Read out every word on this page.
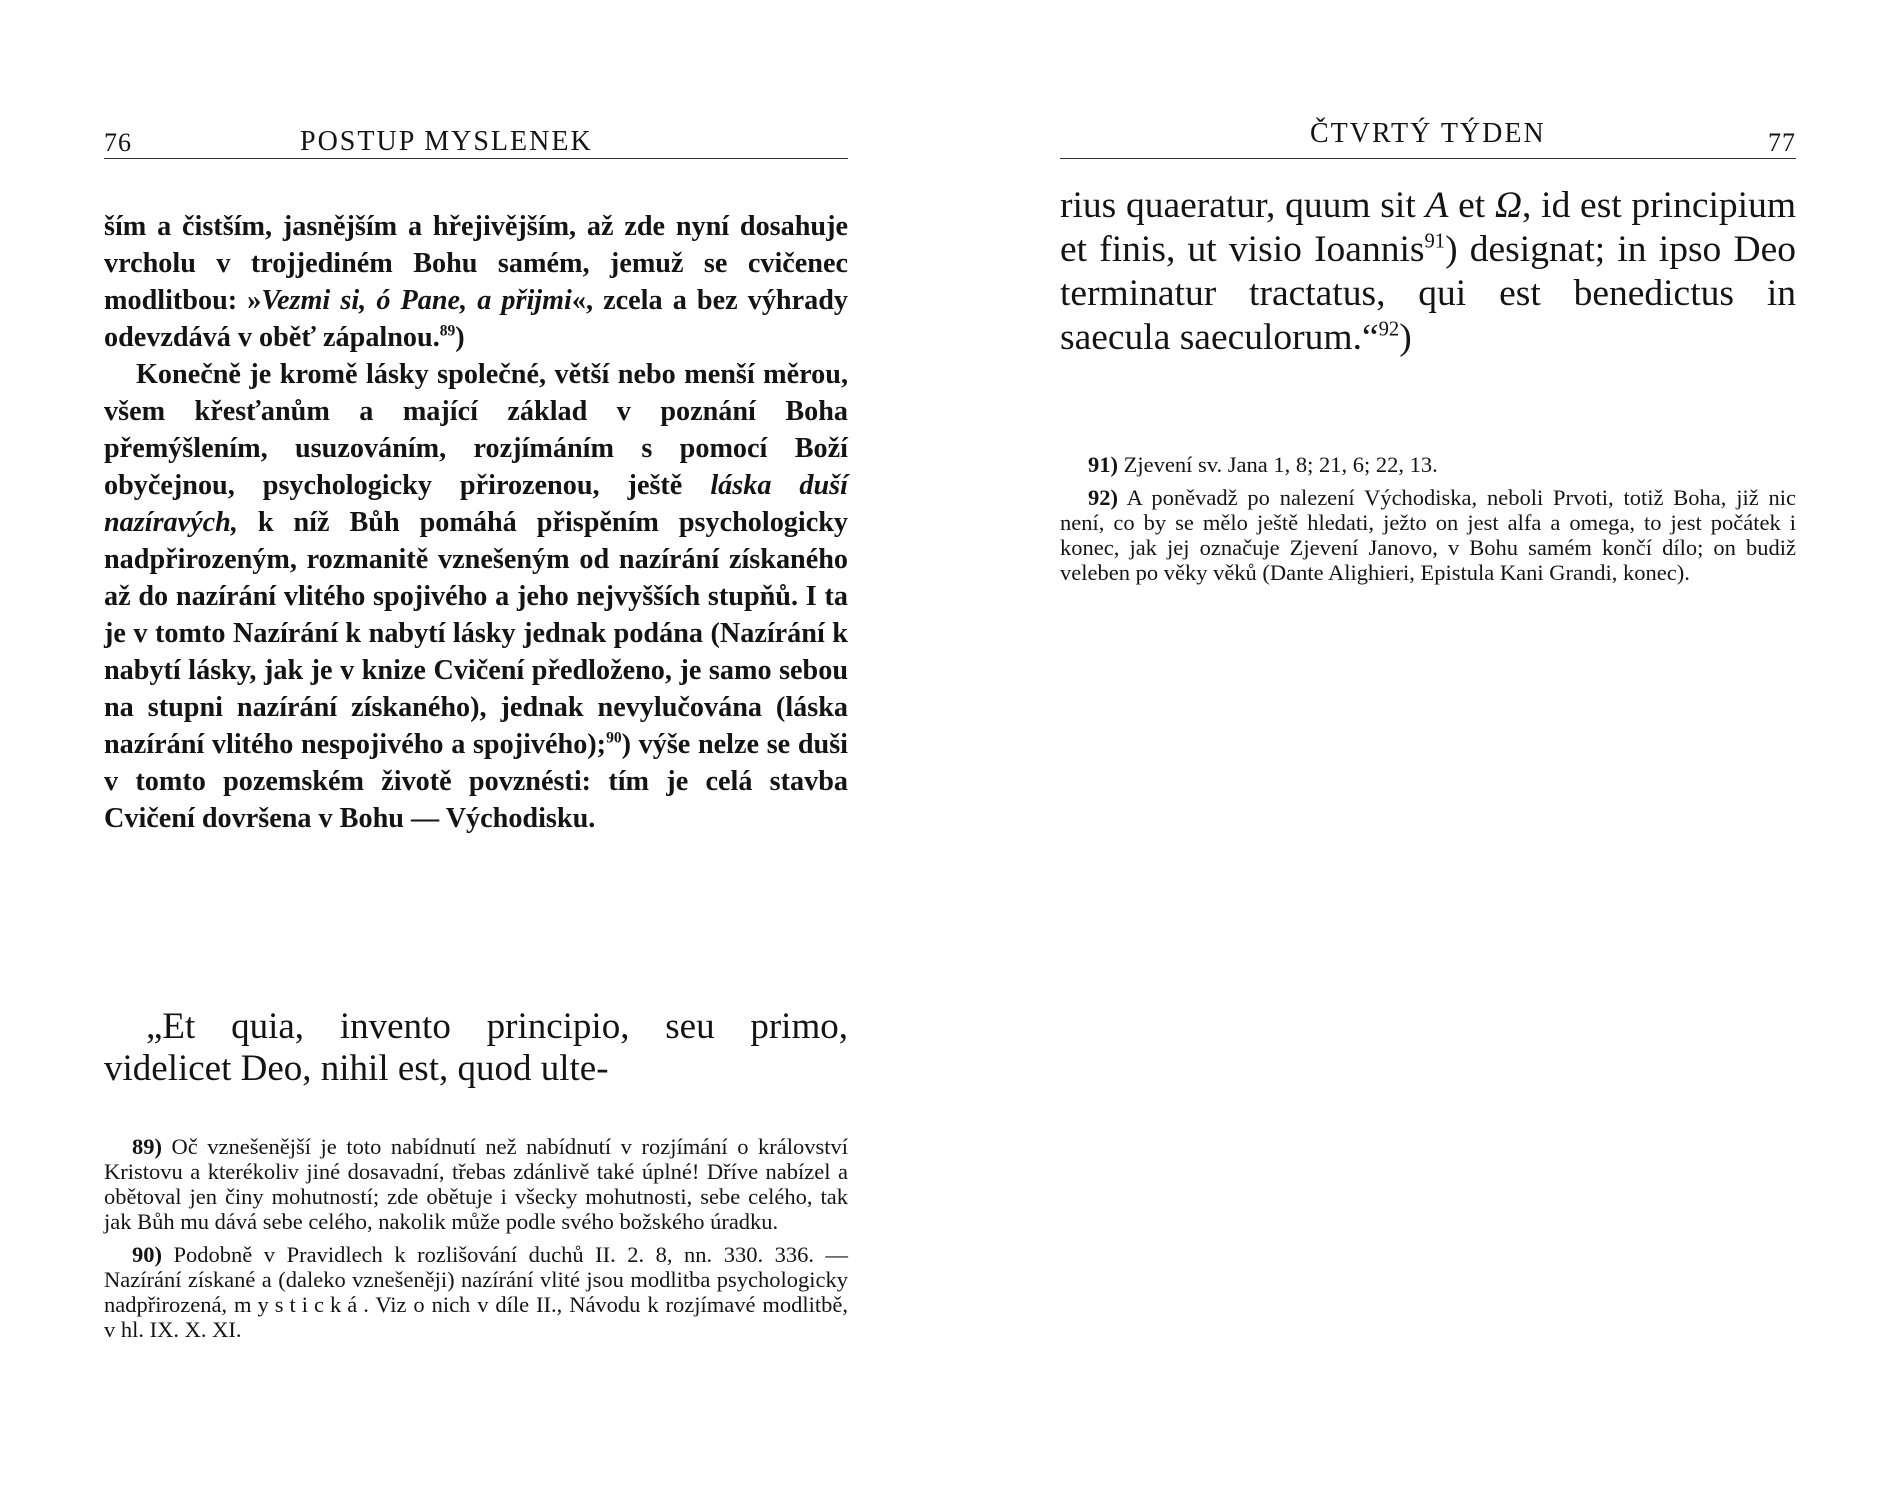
76	POSTUP MYSLENEK

ším a čistším, jasnějším a hřejivějším, až zde nyní dosahuje vrcholu v trojjediném Bohu samém, jemuž se cvičenec modlitbou: »Vezmi si, ó Pane, a přijmi«, zcela a bez výhrady odevzdává v oběť zápalnou.$^{89}$)

Konečně je kromě lásky společné, větší nebo menší měrou, všem křesťanům a mající základ v poznání Boha přemýšlením, usuzováním, rozjímáním s pomocí Boží obyčejnou, psychologicky přirozenou, ještě láska duší nazíravých, k níž Bůh pomáhá přispěním psychologicky nadpřirozeným, rozmanitě vznešeným od nazírání získaného až do nazírání vlitého spojivého a jeho nejvyšších stupňů. I ta je v tomto Nazírání k nabytí lásky jednak podána (Nazírání k nabytí lásky, jak je v knize Cvičení předloženo, je samo sebou na stupni nazírání získaného), jednak nevylučována (láska nazírání vlitého nespojivého a spojivého);$^{90}$) výše nelze se duši v tomto pozemském životě povznésti: tím je celá stavba Cvičení dovršena v Bohu — Východisku.

„Et quia, invento principio, seu primo, videlicet Deo, nihil est, quod ulte-

89) Oč vznešenější je toto nabídnutí než nabídnutí v rozjímání o království Kristovu a kterékoliv jiné dosavadní, třebas zdánlivě také úplné! Dříve nabízel a obětoval jen činy mohutností; zde obětuje i všecky mohutnosti, sebe celého, tak jak Bůh mu dává sebe celého, nakolik může podle svého božského úradku.

90) Podobně v Pravidlech k rozlišování duchů II. 2. 8, nn. 330. 336. — Nazírání získané a (daleko vznešeněji) nazírání vlité jsou modlitba psychologicky nadpřirozená, mystická. Viz o nich v díle II., Návodu k rozjímavé modlitbě, v hl. IX. X. XI.

ČTVRTÝ TÝDEN	77

rius quaeratur, quum sit A et Ω, id est principium et finis, ut visio Ioannis$^{91}$) designat; in ipso Deo terminatur tractatus, qui est benedictus in saecula saeculorum.“$^{92}$)

91) Zjevení sv. Jana 1, 8; 21, 6; 22, 13.

92) A poněvadž po nalezení Východiska, neboli Prvoti, totiž Boha, již nic není, co by se mělo ještě hledati, ježto on jest alfa a omega, to jest počátek i konec, jak jej označuje Zjevení Janovo, v Bohu samém končí dílo; on budiž veleben po věky věků (Dante Alighieri, Epistula Kani Grandi, konec).
